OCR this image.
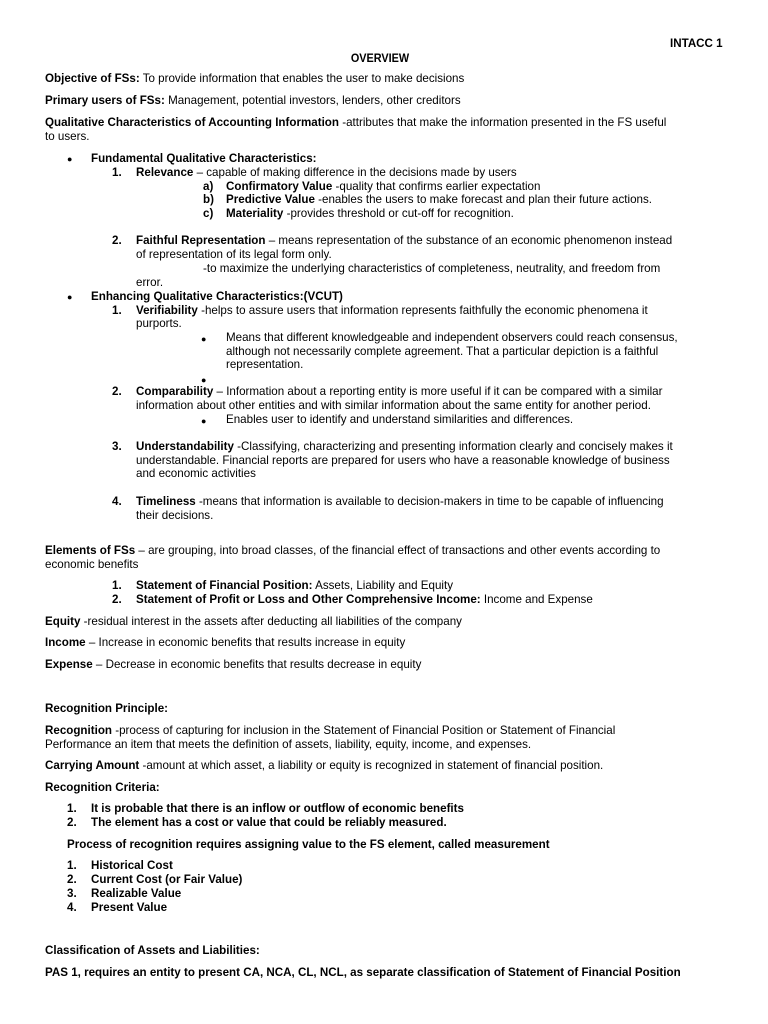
INTACC 1
OVERVIEW
Objective of FSs: To provide information that enables the user to make decisions
Primary users of FSs: Management, potential investors, lenders, other creditors
Qualitative Characteristics of Accounting Information -attributes that make the information presented in the FS useful
to users.
● Fundamental Qualitative Characteristics:
1. Relevance – capable of making difference in the decisions made by users
a) Confirmatory Value -quality that confirms earlier expectation
b) Predictive Value -enables the users to make forecast and plan their future actions.
c) Materiality -provides threshold or cut-off for recognition.
2. Faithful Representation – means representation of the substance of an economic phenomenon instead
of representation of its legal form only.
-to maximize the underlying characteristics of completeness, neutrality, and freedom from
error.
● Enhancing Qualitative Characteristics:(VCUT)
1. Verifiability -helps to assure users that information represents faithfully the economic phenomena it
purports.
● Means that different knowledgeable and independent observers could reach consensus,
although not necessarily complete agreement. That a particular depiction is a faithful
representation.
●
2. Comparability – Information about a reporting entity is more useful if it can be compared with a similar
information about other entities and with similar information about the same entity for another period.
● Enables user to identify and understand similarities and differences.
3. Understandability -Classifying, characterizing and presenting information clearly and concisely makes it
understandable. Financial reports are prepared for users who have a reasonable knowledge of business
and economic activities
4. Timeliness -means that information is available to decision-makers in time to be capable of influencing
their decisions.
Elements of FSs – are grouping, into broad classes, of the financial effect of transactions and other events according to
economic benefits
1. Statement of Financial Position: Assets, Liability and Equity
2. Statement of Profit or Loss and Other Comprehensive Income: Income and Expense
Equity -residual interest in the assets after deducting all liabilities of the company
Income – Increase in economic benefits that results increase in equity
Expense – Decrease in economic benefits that results decrease in equity
Recognition Principle:
Recognition -process of capturing for inclusion in the Statement of Financial Position or Statement of Financial
Performance an item that meets the definition of assets, liability, equity, income, and expenses.
Carrying Amount -amount at which asset, a liability or equity is recognized in statement of financial position.
Recognition Criteria:
1. It is probable that there is an inflow or outflow of economic benefits
2. The element has a cost or value that could be reliably measured.
Process of recognition requires assigning value to the FS element, called measurement
1. Historical Cost
2. Current Cost (or Fair Value)
3. Realizable Value
4. Present Value
Classification of Assets and Liabilities:
PAS 1, requires an entity to present CA, NCA, CL, NCL, as separate classification of Statement of Financial Position
